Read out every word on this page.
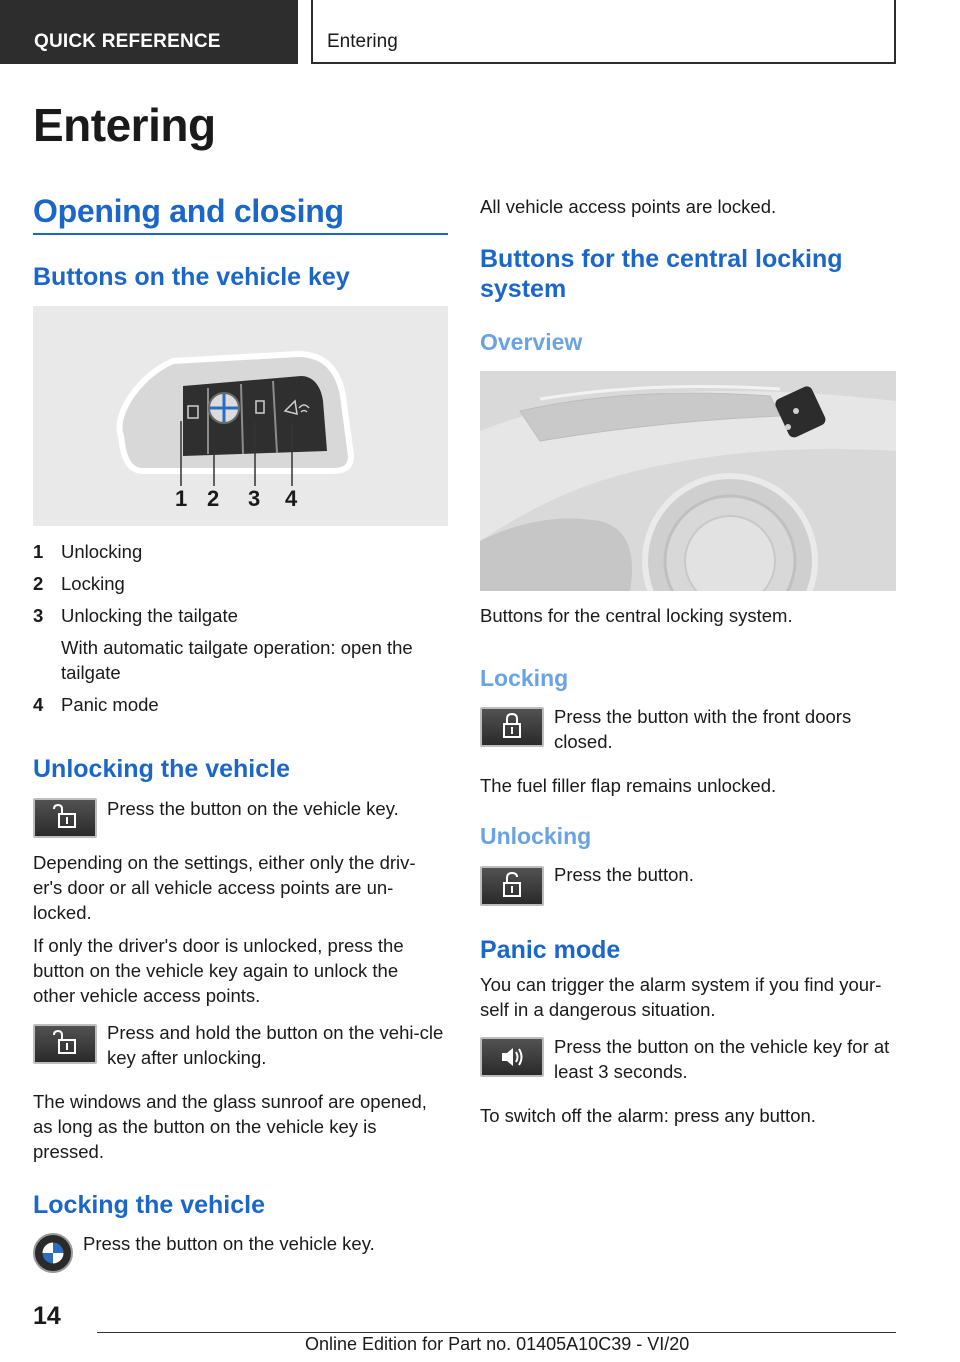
QUICK REFERENCE	Entering
Entering
Opening and closing
Buttons on the vehicle key
1 2 3 4
1 Unlocking
2 Locking
3 Unlocking the tailgate
With automatic tailgate operation: open the tailgate
4 Panic mode
Unlocking the vehicle
Press the button on the vehicle key.
Depending on the settings, either only the driv-er's door or all vehicle access points are un-locked.
If only the driver's door is unlocked, press the button on the vehicle key again to unlock the other vehicle access points.
Press and hold the button on the vehi-cle key after unlocking.
The windows and the glass sunroof are opened, as long as the button on the vehicle key is pressed.
Locking the vehicle
Press the button on the vehicle key.
All vehicle access points are locked.
Buttons for the central locking system
Overview
Buttons for the central locking system.
Locking
Press the button with the front doors closed.
The fuel filler flap remains unlocked.
Unlocking
Press the button.
Panic mode
You can trigger the alarm system if you find your-self in a dangerous situation.
Press the button on the vehicle key for at least 3 seconds.
To switch off the alarm: press any button.
14
Online Edition for Part no. 01405A10C39 - VI/20
